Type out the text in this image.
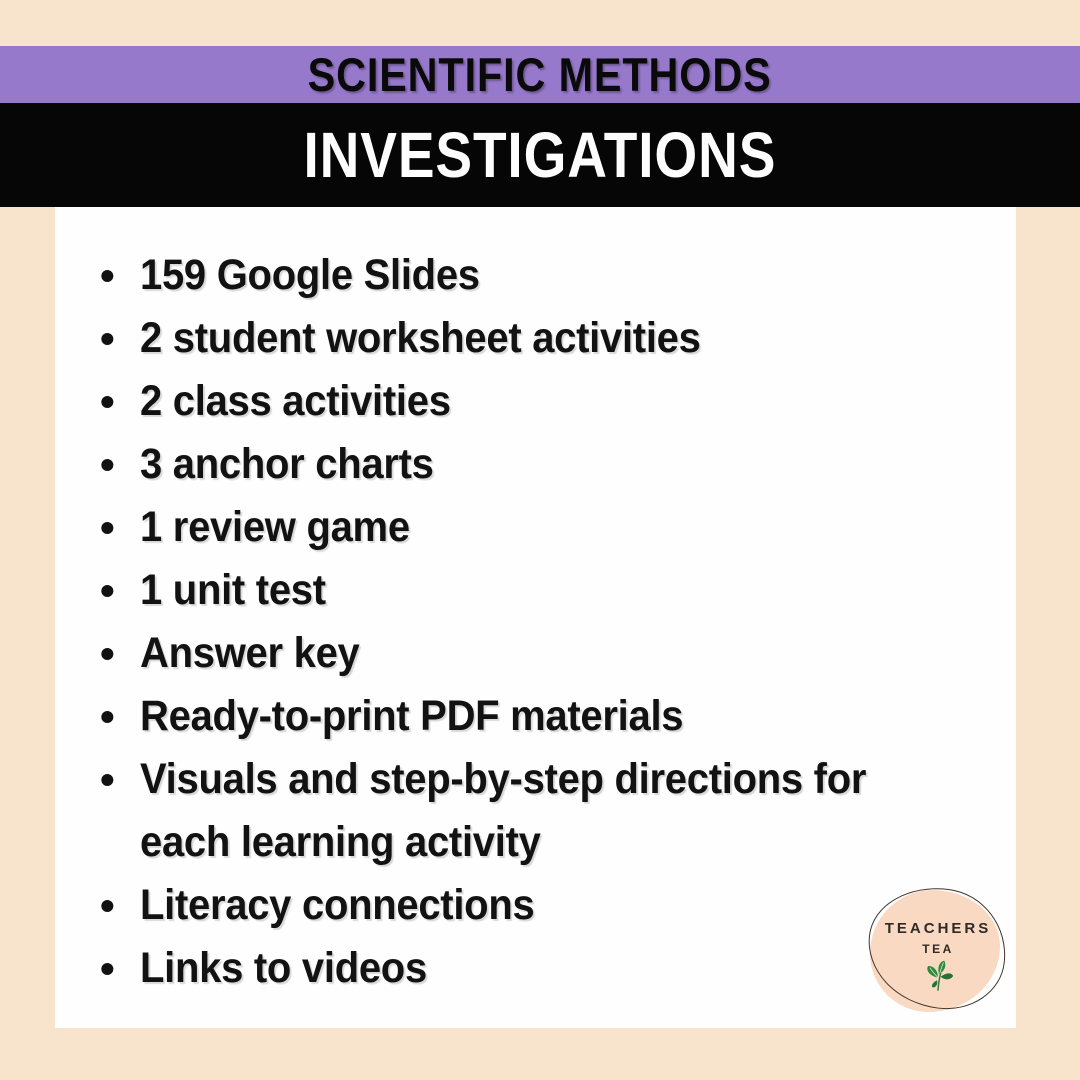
SCIENTIFIC METHODS
INVESTIGATIONS
• 159 Google Slides
• 2 student worksheet activities
• 2 class activities
• 3 anchor charts
• 1 review game
• 1 unit test
• Answer key
• Ready-to-print PDF materials
• Visuals and step-by-step directions for
each learning activity
• Literacy connections
• Links to videos
TEACHERS
TEA
